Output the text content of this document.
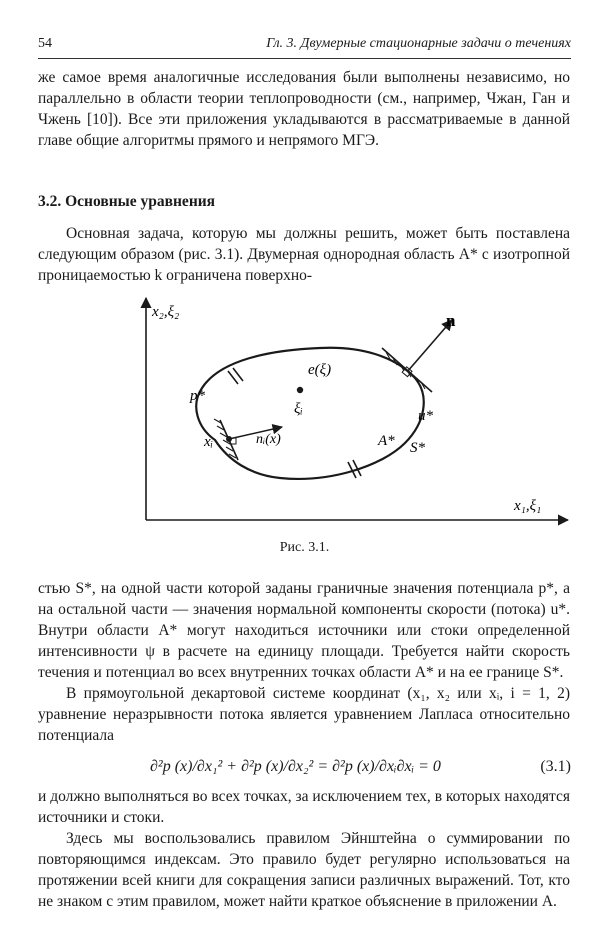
54	Гл. 3. Двумерные стационарные задачи о течениях

же самое время аналогичные исследования были выполнены независимо, но параллельно в области теории теплопроводности (см., например, Чжан, Ган и Чжень [10]). Все эти приложения укладываются в рассматриваемые в данной главе общие алгоритмы прямого и непрямого МГЭ.

3.2. Основные уравнения

Основная задача, которую мы должны решить, может быть поставлена следующим образом (рис. 3.1). Двумерная однородная область A* с изотропной проницаемостью k ограничена поверхно-

x₂,ξ₂
x₁,ξ₁
n
e(ξ)
ξᵢ
p*
u*
A* S*
xᵢ	nᵢ(x)
Рис. 3.1.

стью S*, на одной части которой заданы граничные значения потенциала p*, а на остальной части — значения нормальной компоненты скорости (потока) u*. Внутри области A* могут находиться источники или стоки определенной интенсивности ψ в расчете на единицу площади. Требуется найти скорость течения и потенциал во всех внутренних точках области A* и на ее границе S*.

В прямоугольной декартовой системе координат (x₁, x₂ или xᵢ, i = 1, 2) уравнение неразрывности потока является уравнением Лапласа относительно потенциала

∂²p (x)/∂x₁² + ∂²p (x)/∂x₂² = ∂²p (x)/∂xᵢ∂xᵢ = 0	(3.1)

и должно выполняться во всех точках, за исключением тех, в которых находятся источники и стоки.

Здесь мы воспользовались правилом Эйнштейна о суммировании по повторяющимся индексам. Это правило будет регулярно использоваться на протяжении всей книги для сокращения записи различных выражений. Тот, кто не знаком с этим правилом, может найти краткое объяснение в приложении А.
